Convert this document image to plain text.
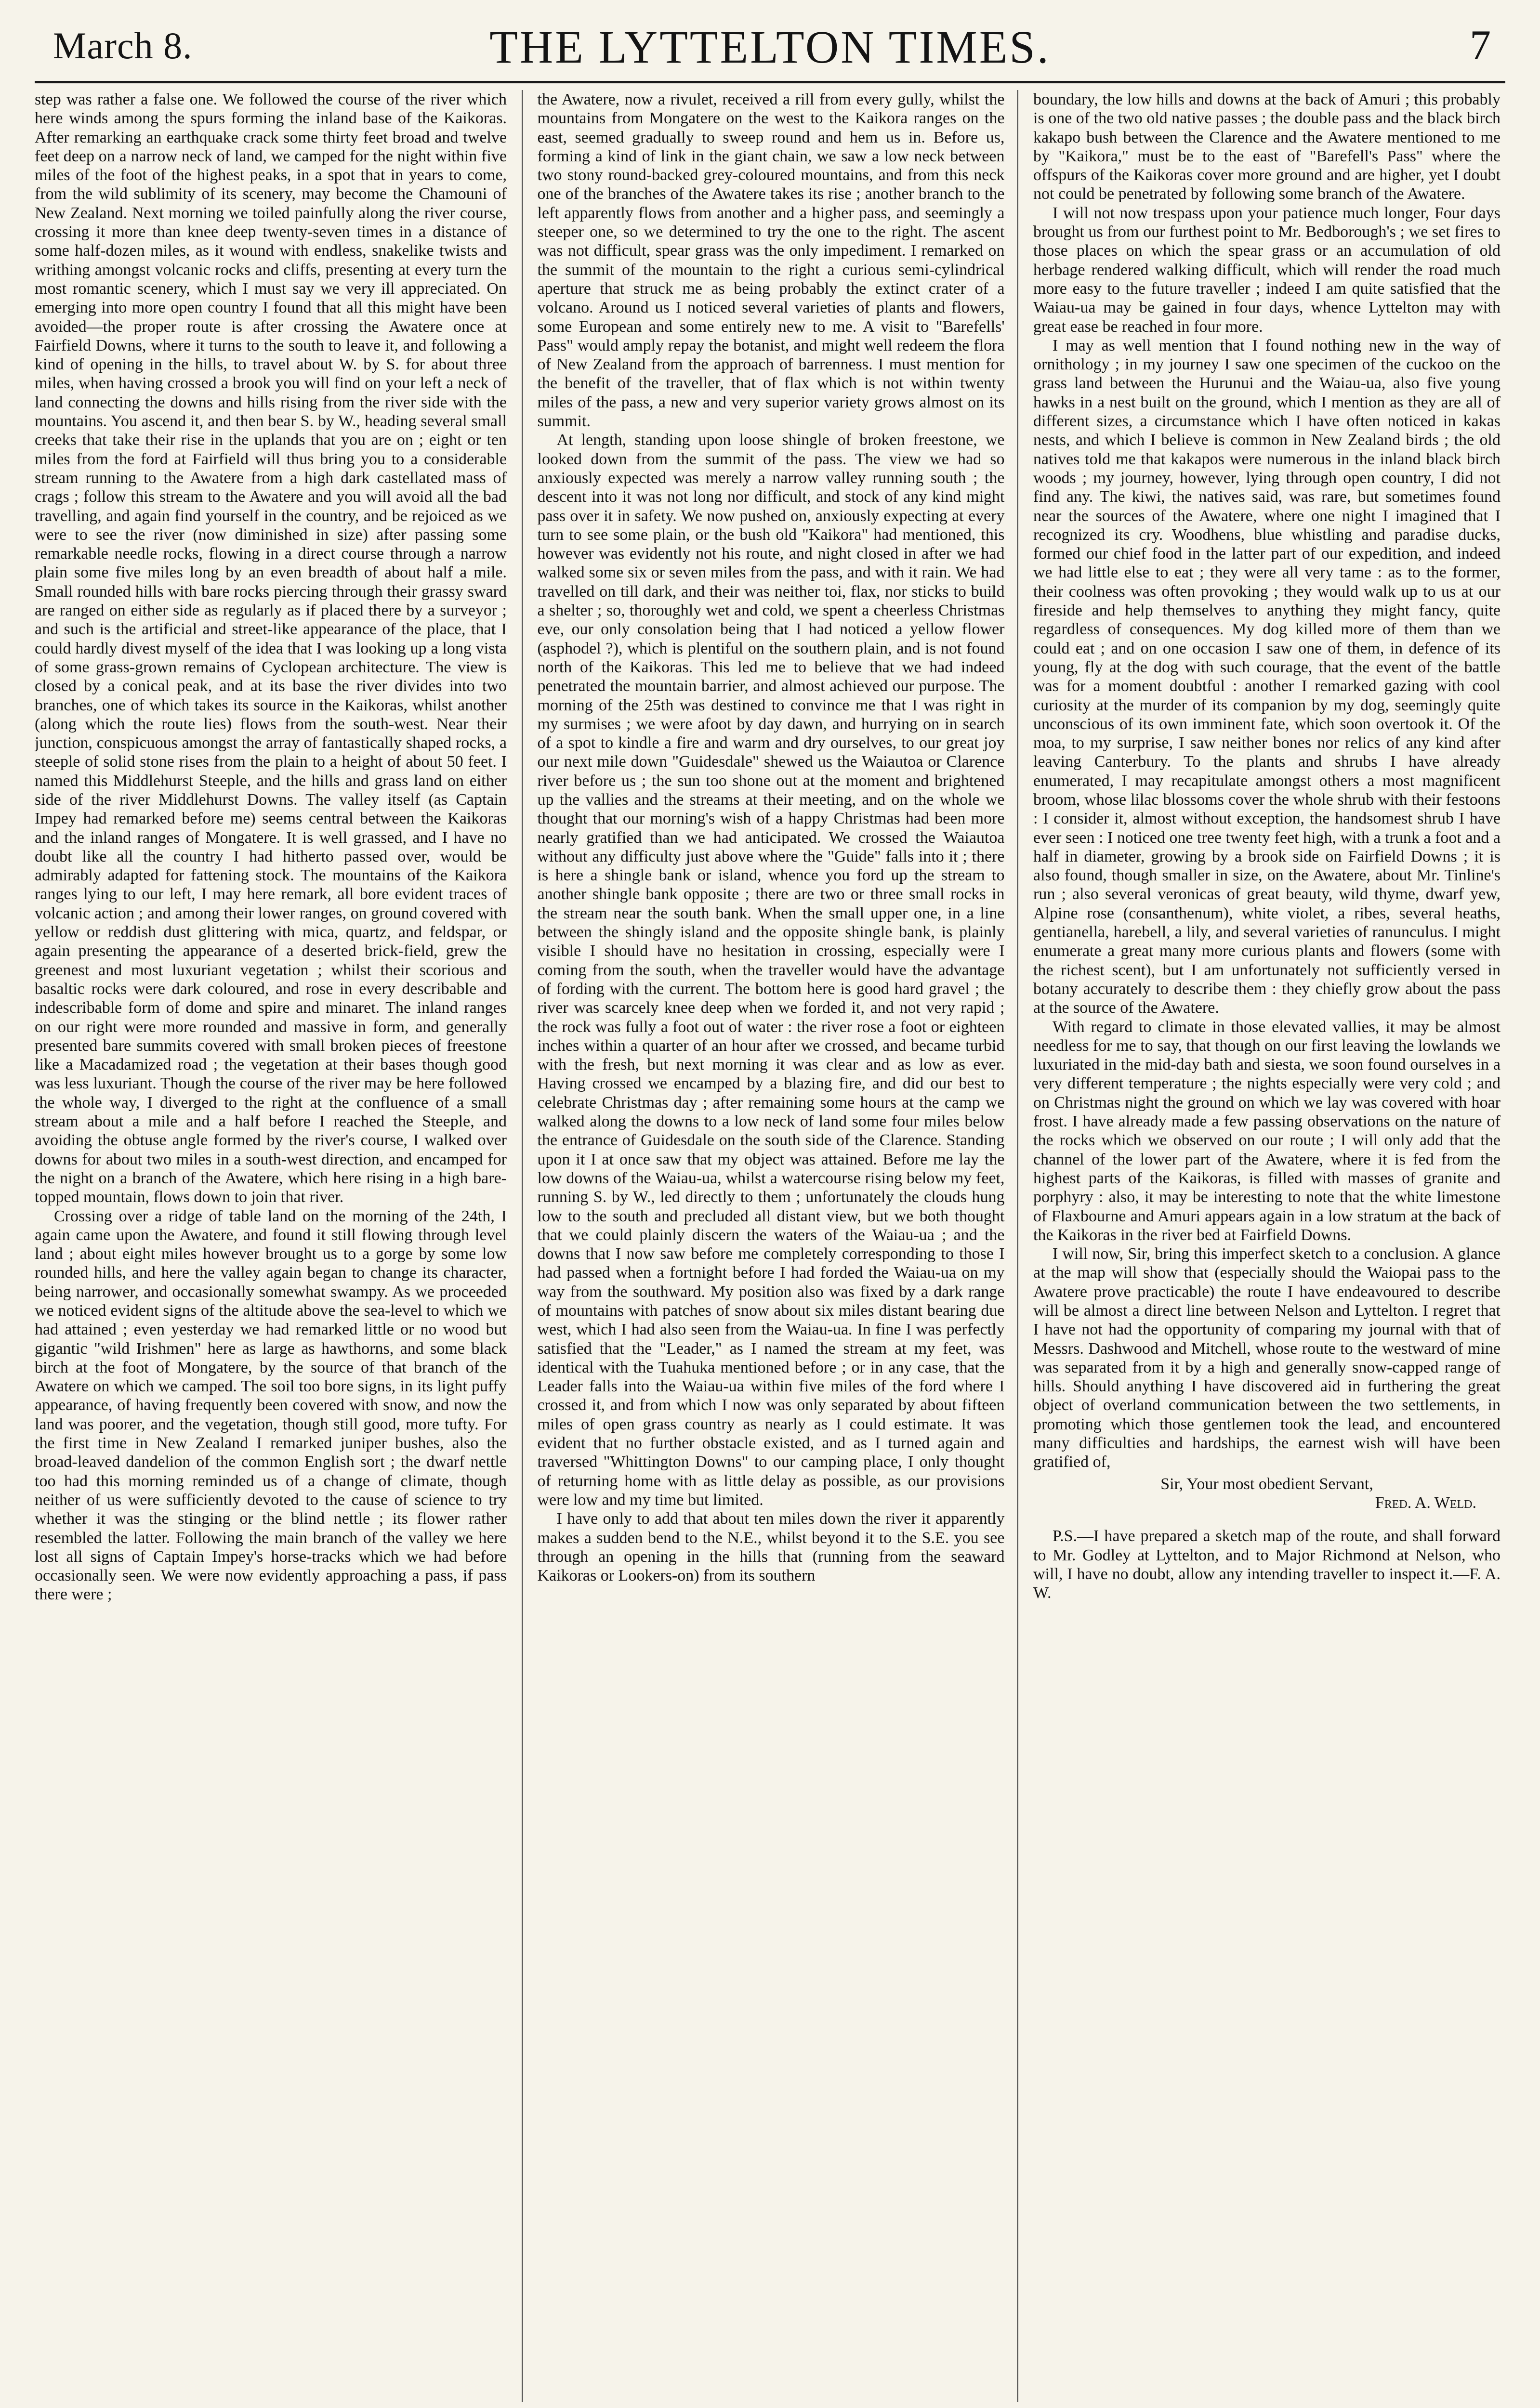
March 8.	THE LYTTELTON TIMES.	7

step was rather a false one. We followed the course of the river which here winds among the spurs forming the inland base of the Kaikoras. After remarking an earthquake crack some thirty feet broad and twelve feet deep on a narrow neck of land, we camped for the night within five miles of the foot of the highest peaks, in a spot that in years to come, from the wild sublimity of its scenery, may become the Chamouni of New Zealand. Next morning we toiled painfully along the river course, crossing it more than knee deep twenty-seven times in a distance of some half-dozen miles, as it wound with endless, snakelike twists and writhing amongst volcanic rocks and cliffs, presenting at every turn the most romantic scenery, which I must say we very ill appreciated. On emerging into more open country I found that all this might have been avoided—the proper route is after crossing the Awatere once at Fairfield Downs, where it turns to the south to leave it, and following a kind of opening in the hills, to travel about W. by S. for about three miles, when having crossed a brook you will find on your left a neck of land connecting the downs and hills rising from the river side with the mountains. You ascend it, and then bear S. by W., heading several small creeks that take their rise in the uplands that you are on ; eight or ten miles from the ford at Fairfield will thus bring you to a considerable stream running to the Awatere from a high dark castellated mass of crags ; follow this stream to the Awatere and you will avoid all the bad travelling, and again find yourself in the country, and be rejoiced as we were to see the river (now diminished in size) after passing some remarkable needle rocks, flowing in a direct course through a narrow plain some five miles long by an even breadth of about half a mile. Small rounded hills with bare rocks piercing through their grassy sward are ranged on either side as regularly as if placed there by a surveyor ; and such is the artificial and street-like appearance of the place, that I could hardly divest myself of the idea that I was looking up a long vista of some grass-grown remains of Cyclopean architecture. The view is closed by a conical peak, and at its base the river divides into two branches, one of which takes its source in the Kaikoras, whilst another (along which the route lies) flows from the south-west. Near their junction, conspicuous amongst the array of fantastically shaped rocks, a steeple of solid stone rises from the plain to a height of about 50 feet. I named this Middlehurst Steeple, and the hills and grass land on either side of the river Middlehurst Downs. The valley itself (as Captain Impey had remarked before me) seems central between the Kaikoras and the inland ranges of Mongatere. It is well grassed, and I have no doubt like all the country I had hitherto passed over, would be admirably adapted for fattening stock. The mountains of the Kaikora ranges lying to our left, I may here remark, all bore evident traces of volcanic action ; and among their lower ranges, on ground covered with yellow or reddish dust glittering with mica, quartz, and feldspar, or again presenting the appearance of a deserted brick-field, grew the greenest and most luxuriant vegetation ; whilst their scorious and basaltic rocks were dark coloured, and rose in every describable and indescribable form of dome and spire and minaret. The inland ranges on our right were more rounded and massive in form, and generally presented bare summits covered with small broken pieces of freestone like a Macadamized road ; the vegetation at their bases though good was less luxuriant. Though the course of the river may be here followed the whole way, I diverged to the right at the confluence of a small stream about a mile and a half before I reached the Steeple, and avoiding the obtuse angle formed by the river's course, I walked over downs for about two miles in a south-west direction, and encamped for the night on a branch of the Awatere, which here rising in a high bare-topped mountain, flows down to join that river.

Crossing over a ridge of table land on the morning of the 24th, I again came upon the Awatere, and found it still flowing through level land ; about eight miles however brought us to a gorge by some low rounded hills, and here the valley again began to change its character, being narrower, and occasionally somewhat swampy. As we proceeded we noticed evident signs of the altitude above the sea-level to which we had attained ; even yesterday we had remarked little or no wood but gigantic "wild Irishmen" here as large as hawthorns, and some black birch at the foot of Mongatere, by the source of that branch of the Awatere on which we camped. The soil too bore signs, in its light puffy appearance, of having frequently been covered with snow, and now the land was poorer, and the vegetation, though still good, more tufty. For the first time in New Zealand I remarked juniper bushes, also the broad-leaved dandelion of the common English sort ; the dwarf nettle too had this morning reminded us of a change of climate, though neither of us were sufficiently devoted to the cause of science to try whether it was the stinging or the blind nettle ; its flower rather resembled the latter. Following the main branch of the valley we here lost all signs of Captain Impey's horse-tracks which we had before occasionally seen. We were now evidently approaching a pass, if pass there were ;

the Awatere, now a rivulet, received a rill from every gully, whilst the mountains from Mongatere on the west to the Kaikora ranges on the east, seemed gradually to sweep round and hem us in. Before us, forming a kind of link in the giant chain, we saw a low neck between two stony round-backed grey-coloured mountains, and from this neck one of the branches of the Awatere takes its rise ; another branch to the left apparently flows from another and a higher pass, and seemingly a steeper one, so we determined to try the one to the right. The ascent was not difficult, spear grass was the only impediment. I remarked on the summit of the mountain to the right a curious semi-cylindrical aperture that struck me as being probably the extinct crater of a volcano. Around us I noticed several varieties of plants and flowers, some European and some entirely new to me. A visit to "Barefells' Pass" would amply repay the botanist, and might well redeem the flora of New Zealand from the approach of barrenness. I must mention for the benefit of the traveller, that of flax which is not within twenty miles of the pass, a new and very superior variety grows almost on its summit.

At length, standing upon loose shingle of broken freestone, we looked down from the summit of the pass. The view we had so anxiously expected was merely a narrow valley running south ; the descent into it was not long nor difficult, and stock of any kind might pass over it in safety. We now pushed on, anxiously expecting at every turn to see some plain, or the bush old "Kaikora" had mentioned, this however was evidently not his route, and night closed in after we had walked some six or seven miles from the pass, and with it rain. We had travelled on till dark, and their was neither toi, flax, nor sticks to build a shelter ; so, thoroughly wet and cold, we spent a cheerless Christmas eve, our only consolation being that I had noticed a yellow flower (asphodel ?), which is plentiful on the southern plain, and is not found north of the Kaikoras. This led me to believe that we had indeed penetrated the mountain barrier, and almost achieved our purpose. The morning of the 25th was destined to convince me that I was right in my surmises ; we were afoot by day dawn, and hurrying on in search of a spot to kindle a fire and warm and dry ourselves, to our great joy our next mile down "Guidesdale" shewed us the Waiautoa or Clarence river before us ; the sun too shone out at the moment and brightened up the vallies and the streams at their meeting, and on the whole we thought that our morning's wish of a happy Christmas had been more nearly gratified than we had anticipated. We crossed the Waiautoa without any difficulty just above where the "Guide" falls into it ; there is here a shingle bank or island, whence you ford up the stream to another shingle bank opposite ; there are two or three small rocks in the stream near the south bank. When the small upper one, in a line between the shingly island and the opposite shingle bank, is plainly visible I should have no hesitation in crossing, especially were I coming from the south, when the traveller would have the advantage of fording with the current. The bottom here is good hard gravel ; the river was scarcely knee deep when we forded it, and not very rapid ; the rock was fully a foot out of water : the river rose a foot or eighteen inches within a quarter of an hour after we crossed, and became turbid with the fresh, but next morning it was clear and as low as ever. Having crossed we encamped by a blazing fire, and did our best to celebrate Christmas day ; after remaining some hours at the camp we walked along the downs to a low neck of land some four miles below the entrance of Guidesdale on the south side of the Clarence. Standing upon it I at once saw that my object was attained. Before me lay the low downs of the Waiau-ua, whilst a watercourse rising below my feet, running S. by W., led directly to them ; unfortunately the clouds hung low to the south and precluded all distant view, but we both thought that we could plainly discern the waters of the Waiau-ua ; and the downs that I now saw before me completely corresponding to those I had passed when a fortnight before I had forded the Waiau-ua on my way from the southward. My position also was fixed by a dark range of mountains with patches of snow about six miles distant bearing due west, which I had also seen from the Waiau-ua. In fine I was perfectly satisfied that the "Leader," as I named the stream at my feet, was identical with the Tuahuka mentioned before ; or in any case, that the Leader falls into the Waiau-ua within five miles of the ford where I crossed it, and from which I now was only separated by about fifteen miles of open grass country as nearly as I could estimate. It was evident that no further obstacle existed, and as I turned again and traversed "Whittington Downs" to our camping place, I only thought of returning home with as little delay as possible, as our provisions were low and my time but limited.

I have only to add that about ten miles down the river it apparently makes a sudden bend to the N.E., whilst beyond it to the S.E. you see through an opening in the hills that (running from the seaward Kaikoras or Lookers-on) from its southern

boundary, the low hills and downs at the back of Amuri ; this probably is one of the two old native passes ; the double pass and the black birch kakapo bush between the Clarence and the Awatere mentioned to me by "Kaikora," must be to the east of "Barefell's Pass" where the offspurs of the Kaikoras cover more ground and are higher, yet I doubt not could be penetrated by following some branch of the Awatere.

I will not now trespass upon your patience much longer, Four days brought us from our furthest point to Mr. Bedborough's ; we set fires to those places on which the spear grass or an accumulation of old herbage rendered walking difficult, which will render the road much more easy to the future traveller ; indeed I am quite satisfied that the Waiau-ua may be gained in four days, whence Lyttelton may with great ease be reached in four more.

I may as well mention that I found nothing new in the way of ornithology ; in my journey I saw one specimen of the cuckoo on the grass land between the Hurunui and the Waiau-ua, also five young hawks in a nest built on the ground, which I mention as they are all of different sizes, a circumstance which I have often noticed in kakas nests, and which I believe is common in New Zealand birds ; the old natives told me that kakapos were numerous in the inland black birch woods ; my journey, however, lying through open country, I did not find any. The kiwi, the natives said, was rare, but sometimes found near the sources of the Awatere, where one night I imagined that I recognized its cry. Woodhens, blue whistling and paradise ducks, formed our chief food in the latter part of our expedition, and indeed we had little else to eat ; they were all very tame : as to the former, their coolness was often provoking ; they would walk up to us at our fireside and help themselves to anything they might fancy, quite regardless of consequences. My dog killed more of them than we could eat ; and on one occasion I saw one of them, in defence of its young, fly at the dog with such courage, that the event of the battle was for a moment doubtful : another I remarked gazing with cool curiosity at the murder of its companion by my dog, seemingly quite unconscious of its own imminent fate, which soon overtook it. Of the moa, to my surprise, I saw neither bones nor relics of any kind after leaving Canterbury. To the plants and shrubs I have already enumerated, I may recapitulate amongst others a most magnificent broom, whose lilac blossoms cover the whole shrub with their festoons : I consider it, almost without exception, the handsomest shrub I have ever seen : I noticed one tree twenty feet high, with a trunk a foot and a half in diameter, growing by a brook side on Fairfield Downs ; it is also found, though smaller in size, on the Awatere, about Mr. Tinline's run ; also several veronicas of great beauty, wild thyme, dwarf yew, Alpine rose (consanthenum), white violet, a ribes, several heaths, gentianella, harebell, a lily, and several varieties of ranunculus. I might enumerate a great many more curious plants and flowers (some with the richest scent), but I am unfortunately not sufficiently versed in botany accurately to describe them : they chiefly grow about the pass at the source of the Awatere.

With regard to climate in those elevated vallies, it may be almost needless for me to say, that though on our first leaving the lowlands we luxuriated in the mid-day bath and siesta, we soon found ourselves in a very different temperature ; the nights especially were very cold ; and on Christmas night the ground on which we lay was covered with hoar frost. I have already made a few passing observations on the nature of the rocks which we observed on our route ; I will only add that the channel of the lower part of the Awatere, where it is fed from the highest parts of the Kaikoras, is filled with masses of granite and porphyry : also, it may be interesting to note that the white limestone of Flaxbourne and Amuri appears again in a low stratum at the back of the Kaikoras in the river bed at Fairfield Downs.

I will now, Sir, bring this imperfect sketch to a conclusion. A glance at the map will show that (especially should the Waiopai pass to the Awatere prove practicable) the route I have endeavoured to describe will be almost a direct line between Nelson and Lyttelton. I regret that I have not had the opportunity of comparing my journal with that of Messrs. Dashwood and Mitchell, whose route to the westward of mine was separated from it by a high and generally snow-capped range of hills. Should anything I have discovered aid in furthering the great object of overland communication between the two settlements, in promoting which those gentlemen took the lead, and encountered many difficulties and hardships, the earnest wish will have been gratified of,

Sir, Your most obedient Servant,

Fred. A. Weld.

P.S.—I have prepared a sketch map of the route, and shall forward to Mr. Godley at Lyttelton, and to Major Richmond at Nelson, who will, I have no doubt, allow any intending traveller to inspect it.—F. A. W.
